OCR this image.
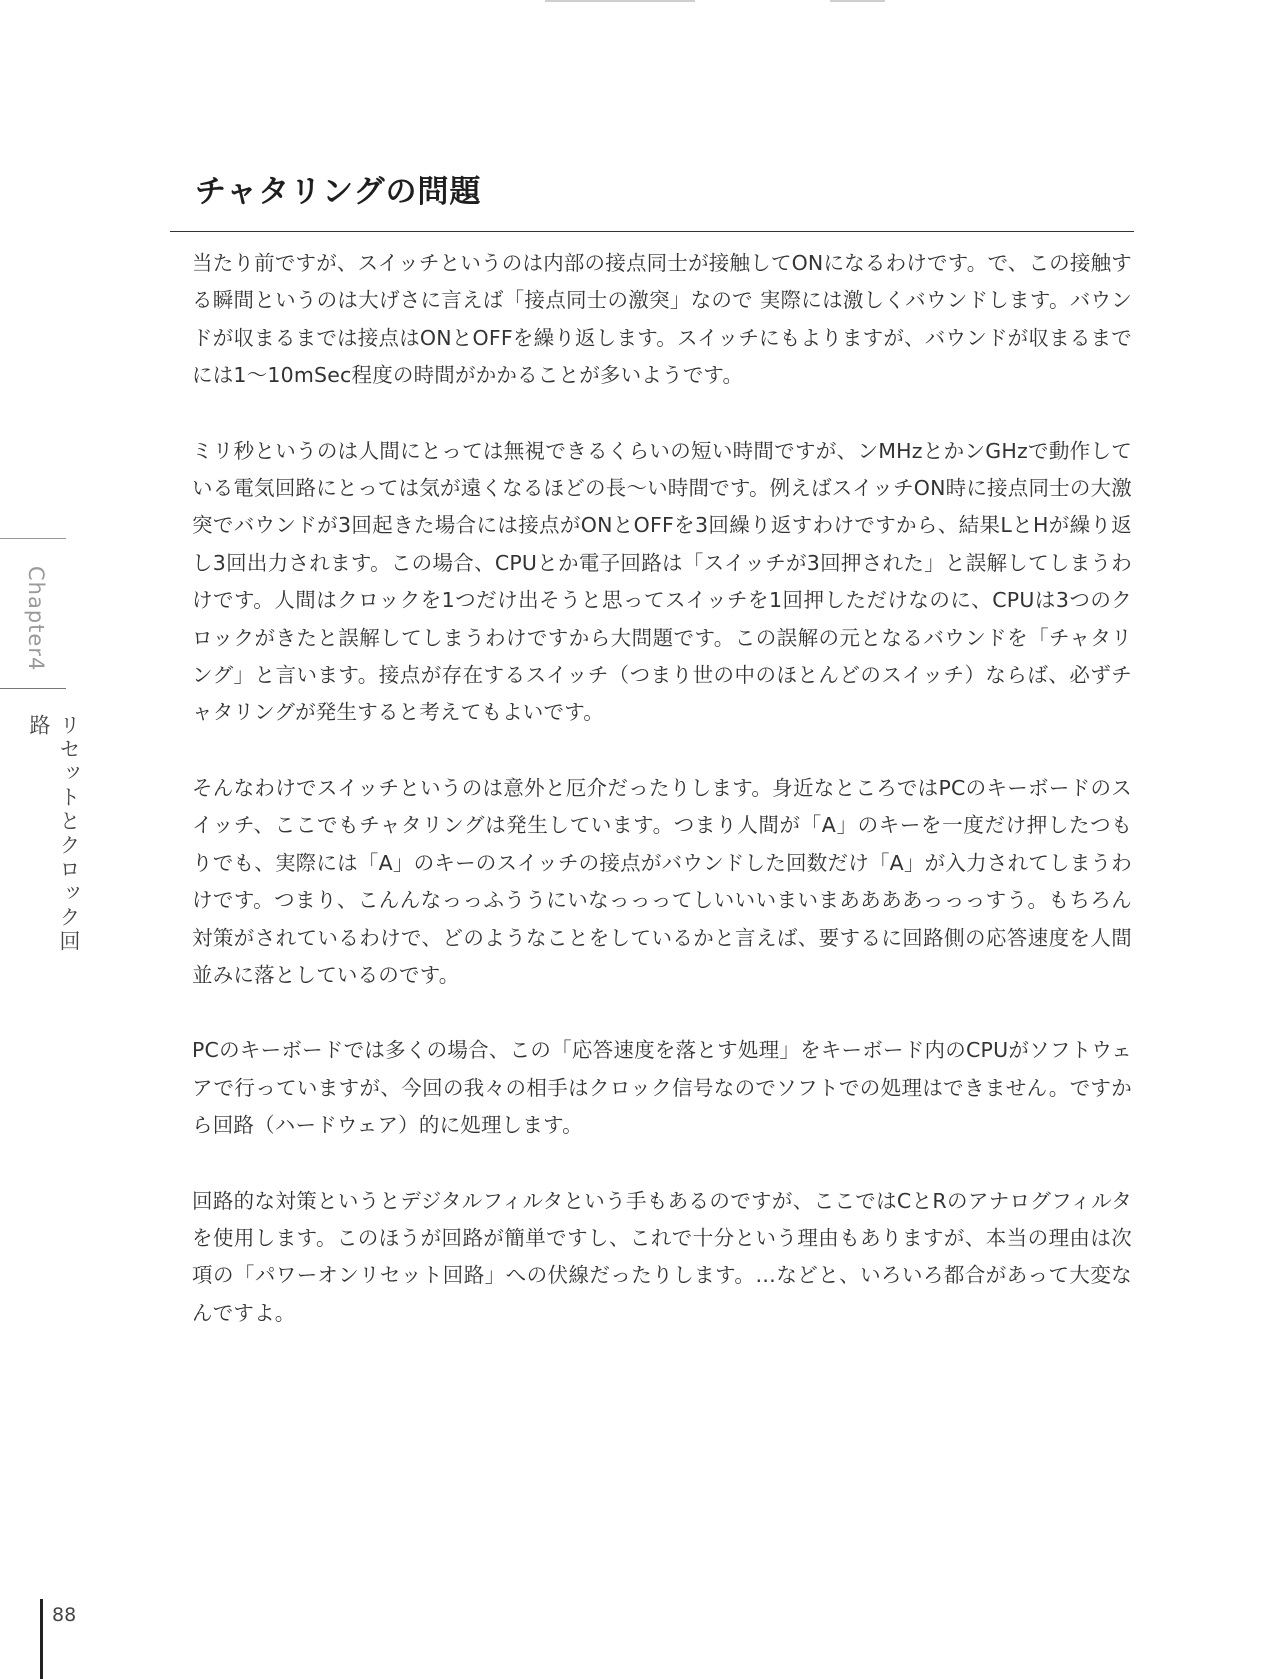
チャタリングの問題

当たり前ですが、スイッチというのは内部の接点同士が接触してONになるわけです。で、この接触する瞬間というのは大げさに言えば「接点同士の激突」なので 実際には激しくバウンドします。バウンドが収まるまでは接点はONとOFFを繰り返します。スイッチにもよりますが、バウンドが収まるまでには1～10mSec程度の時間がかかることが多いようです。

ミリ秒というのは人間にとっては無視できるくらいの短い時間ですが、ンMHzとかンGHzで動作している電気回路にとっては気が遠くなるほどの長～い時間です。例えばスイッチON時に接点同士の大激突でバウンドが3回起きた場合には接点がONとOFFを3回繰り返すわけですから、結果LとHが繰り返し3回出力されます。この場合、CPUとか電子回路は「スイッチが3回押された」と誤解してしまうわけです。人間はクロックを1つだけ出そうと思ってスイッチを1回押しただけなのに、CPUは3つのクロックがきたと誤解してしまうわけですから大問題です。この誤解の元となるバウンドを「チャタリング」と言います。接点が存在するスイッチ（つまり世の中のほとんどのスイッチ）ならば、必ずチャタリングが発生すると考えてもよいです。

そんなわけでスイッチというのは意外と厄介だったりします。身近なところではPCのキーボードのスイッチ、ここでもチャタリングは発生しています。つまり人間が「A」のキーを一度だけ押したつもりでも、実際には「A」のキーのスイッチの接点がバウンドした回数だけ「A」が入力されてしまうわけです。つまり、こんんなっっふううにいなっっってしいいいまいまああああっっっすう。もちろん対策がされているわけで、どのようなことをしているかと言えば、要するに回路側の応答速度を人間並みに落としているのです。

PCのキーボードでは多くの場合、この「応答速度を落とす処理」をキーボード内のCPUがソフトウェアで行っていますが、今回の我々の相手はクロック信号なのでソフトでの処理はできません。ですから回路（ハードウェア）的に処理します。

回路的な対策というとデジタルフィルタという手もあるのですが、ここではCとRのアナログフィルタを使用します。このほうが回路が簡単ですし、これで十分という理由もありますが、本当の理由は次項の「パワーオンリセット回路」への伏線だったりします。…などと、いろいろ都合があって大変なんですよ。

Chapter4
リセットとクロック回路
88
